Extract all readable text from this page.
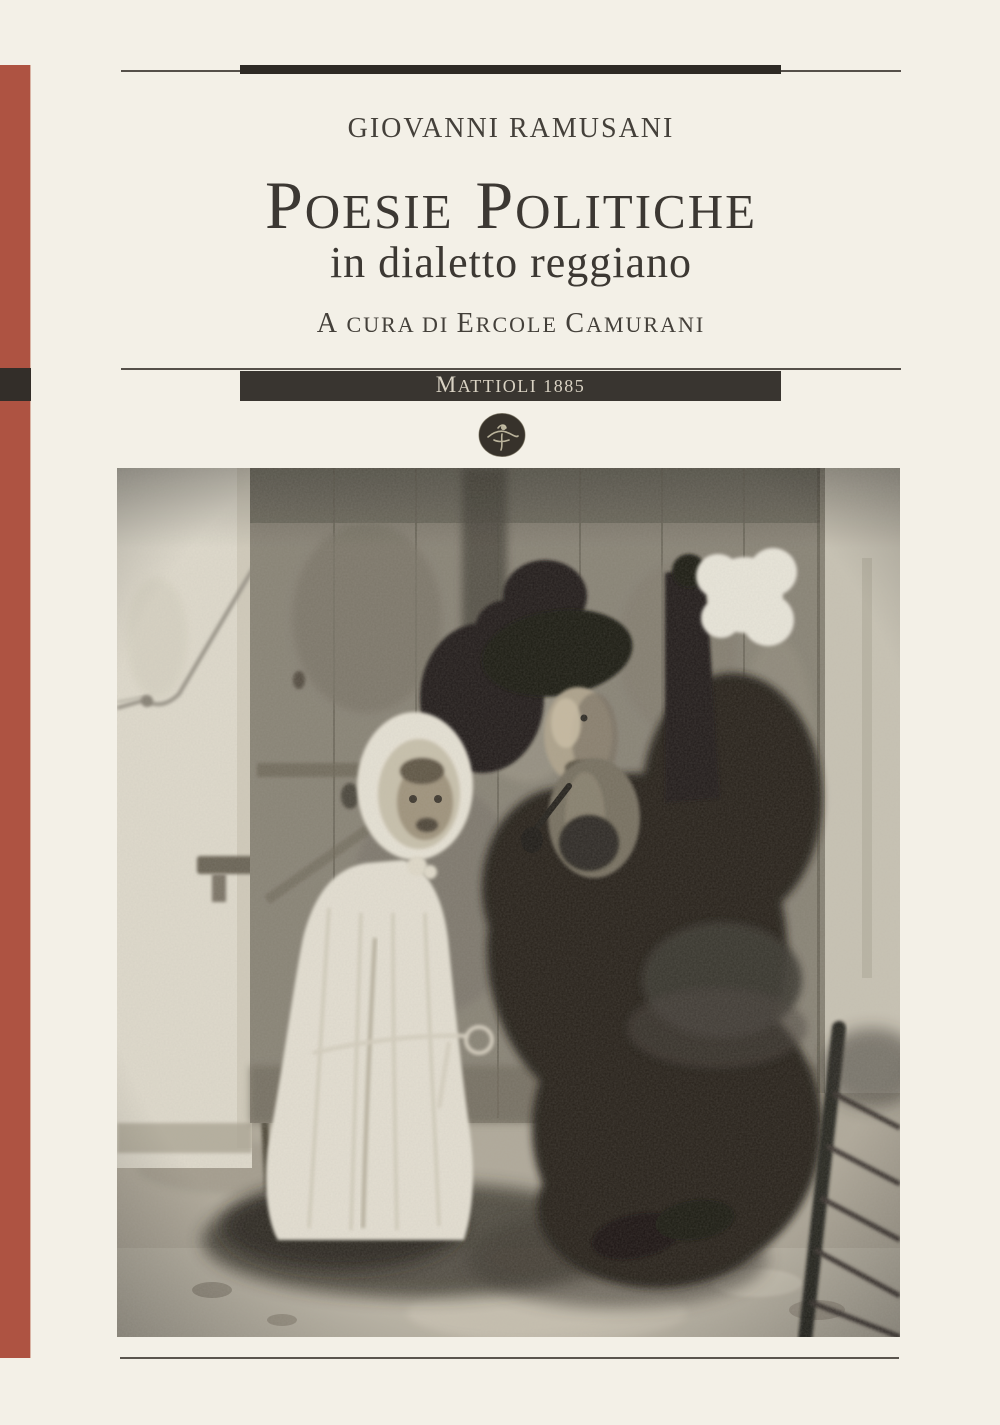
GIOVANNI RAMUSANI
POESIE POLITICHE
in dialetto reggiano
A CURA DI ERCOLE CAMURANI
MATTIOLI 1885
